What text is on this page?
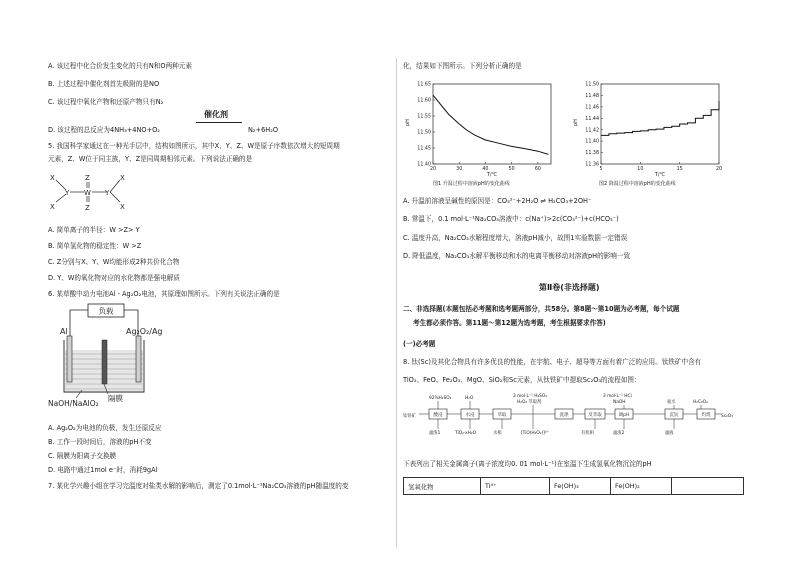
A. 该过程中化合价发生变化的只有N和O两种元素
B. 上述过程中催化剂首先吸附的是NO
C. 该过程中氧化产物和还原产物只有N₂
催化剂
D. 该过程的总反应为4NH₃+4NO+O₂	N₂+6H₂O
5. 我国科学家通过在一种光手层中，结构如图所示，其中X、Y、Z、W是原子序数依次增大的短周期
元素，Z、W位于同主族，Y、Z是同周期相邻元素。下列说法正确的是
X
X
Y W Y
X
X
Z
Z
A. 简单离子的半径：W >Z> Y
B. 简单氢化物的稳定性：W >Z
C. Z分别与X、Y、W均能形成2种共价化合物
D. Y、W的氧化物对应的水化物都是强电解质
6. 某草酸中动力电池Al - Ag₂O₂电池，其原理如图所示。下列有关说法正确的是
负载
Al	Ag₂O₂/Ag
隔膜
NaOH/NaAlO₂
A. Ag₂O₂为电池的负极，发生还原反应
B. 工作一段时间后，溶液的pH不变
C. 隔膜为阳离子交换膜
D. 电路中通过1mol e⁻时，消耗9gAl
7. 某化学兴趣小组在学习完温度对盐类水解的影响后，测定了0.1mol·L⁻¹Na₂CO₃溶液的pH随温度的变
化，结果如下图所示。下列分析正确的是
11.40
11.45
11.50
11.55
11.60
11.65
20	30	40	50	60
T/℃
pH
11.36
11.38
11.40
11.42
11.44
11.46
11.48
11.50
5	10	15	20
T/℃
pH
图1 升温过程中溶液pH的变化曲线	图2 降温过程中溶液pH的变化曲线
A. 升温前溶液呈碱性的原因是：CO₃²⁻+2H₂O ⇌ H₂CO₃+2OH⁻
B. 常温下，0.1 mol·L⁻¹Na₂CO₃溶液中：c(Na⁺)>2c(CO₃²⁻)+c(HCO₃⁻)
C. 温度升高，Na₂CO₃水解程度增大，溶液pH减小，故图1实验数据一定错误
D. 降低温度，Na₂CO₃水解平衡移动和水的电离平衡移动对溶液pH的影响一致
第Ⅱ卷(非选择题)
二、非选择题(本题包括必考题和选考题两部分，共58分。第8题～第10题为必考题，每个试题
考生都必须作答。第11题～第12题为选考题，考生根据要求作答)
(一)必考题
8. 钛(Sc)及其化合物具有许多优良的性能，在宇航、电子、超导等方面有着广泛的应用。钛铁矿中含有
TiO₂、FeO、Fe₂O₃、MgO、SiO₂和Sc元素，从钛铁矿中提取Sc₂O₃的流程如图：
92%H₂SO₄	H₂O	3 mol·L⁻¹ H₂SO₄
H₂O₂ 萃取剂
3 mol·L⁻¹ HCl
NaOH	氨水	H₂C₂O₄
钛铁矿	Sc₂O₃
滤渣1	TiO₂·xH₂O	水相	[TiO(H₂O₂)]²⁺	有机相	滤渣2	滤液
酸浸	水浸	萃取	洗涤	反萃取	调pH	沉钪	灼烧
下表列出了相关金属离子(离子浓度均0. 01 mol·L⁻¹)在室温下生成氢氧化物沉淀的pH
氢氧化物	Ti⁴⁺	Fe(OH)₃	Fe(OH)₂	
